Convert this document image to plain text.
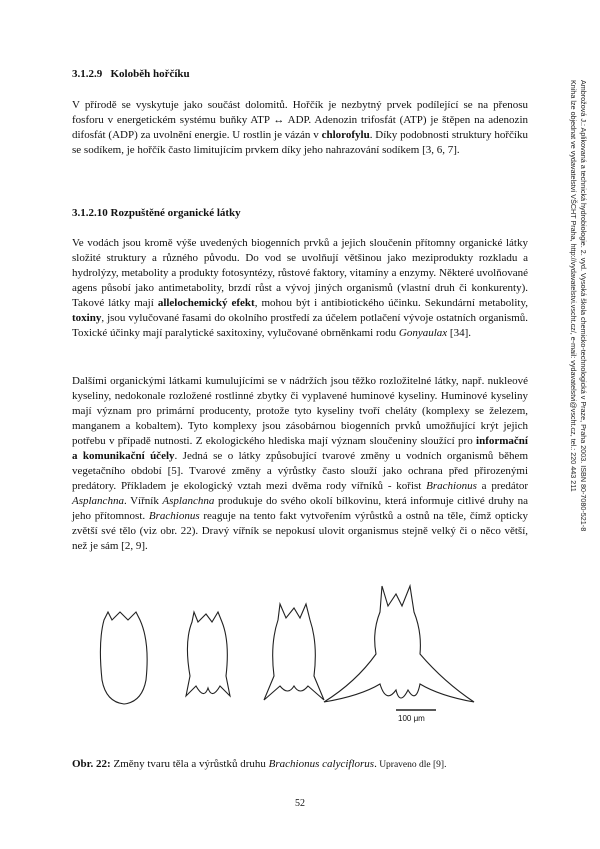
3.1.2.9 Koloběh hořčíku

V přírodě se vyskytuje jako součást dolomitů. Hořčík je nezbytný prvek podílející se na přenosu fosforu v energetickém systému buňky ATP ↔ ADP. Adenozin trifosfát (ATP) je štěpen na adenozin difosfát (ADP) za uvolnění energie. U rostlin je vázán v chlorofylu. Díky podobnosti struktury hořčíku se sodíkem, je hořčík často limitujícím prvkem díky jeho nahrazování sodíkem [3, 6, 7].

3.1.2.10 Rozpuštěné organické látky

Ve vodách jsou kromě výše uvedených biogenních prvků a jejich sloučenin přítomny organické látky složité struktury a různého původu. Do vod se uvolňují většinou jako meziprodukty rozkladu a hydrolýzy, metabolity a produkty fotosyntézy, růstové faktory, vitamíny a enzymy. Některé uvolňované agens působí jako antimetabolity, brzdí růst a vývoj jiných organismů (vlastní druh či konkurenty). Takové látky mají allelochemický efekt, mohou být i antibiotického účinku. Sekundární metabolity, toxiny, jsou vylučované řasami do okolního prostředí za účelem potlačení vývoje ostatních organismů. Toxické účinky mají paralytické saxitoxiny, vylučované obrněnkami rodu Gonyaulax [34].

Dalšími organickými látkami kumulujícími se v nádržích jsou těžko rozložitelné látky, např. nukleové kyseliny, nedokonale rozložené rostlinné zbytky či vyplavené huminové kyseliny. Huminové kyseliny mají význam pro primární producenty, protože tyto kyseliny tvoří cheláty (komplexy se železem, manganem a kobaltem). Tyto komplexy jsou zásobárnou biogenních prvků umožňující krýt jejich potřebu v případě nutnosti. Z ekologického hlediska mají význam sloučeniny sloužící pro informační a komunikační účely. Jedná se o látky způsobující tvarové změny u vodních organismů během vegetačního období [5]. Tvarové změny a výrůstky často slouží jako ochrana před přirozenými predátory. Příkladem je ekologický vztah mezi dvěma rody vířníků - kořist Brachionus a predátor Asplanchna. Vířník Asplanchna produkuje do svého okolí bílkovinu, která informuje citlivé druhy na jeho přítomnost. Brachionus reaguje na tento fakt vytvořením výrůstků a ostnů na těle, čímž opticky zvětší své tělo (viz obr. 22). Dravý vířník se nepokusí ulovit organismus stejně velký či o něco větší, než je sám [2, 9].

100 μm
Obr. 22: Změny tvaru těla a výrůstků druhu Brachionus calyciflorus. Upraveno dle [9].
52
Ambrožová J.: Aplikovaná a technická hydrobiologie. 2. vyd. Vysoká škola chemicko-technologická v Praze, Praha 2003. ISBN 80-7080-521-8
Kniha lze objednat ve vydavatelství VŠCHT Praha, http://vydavatelstvi.vscht.cz/, e-mail: vydavatelstvi@vscht.cz, tel.: 220 443 211
